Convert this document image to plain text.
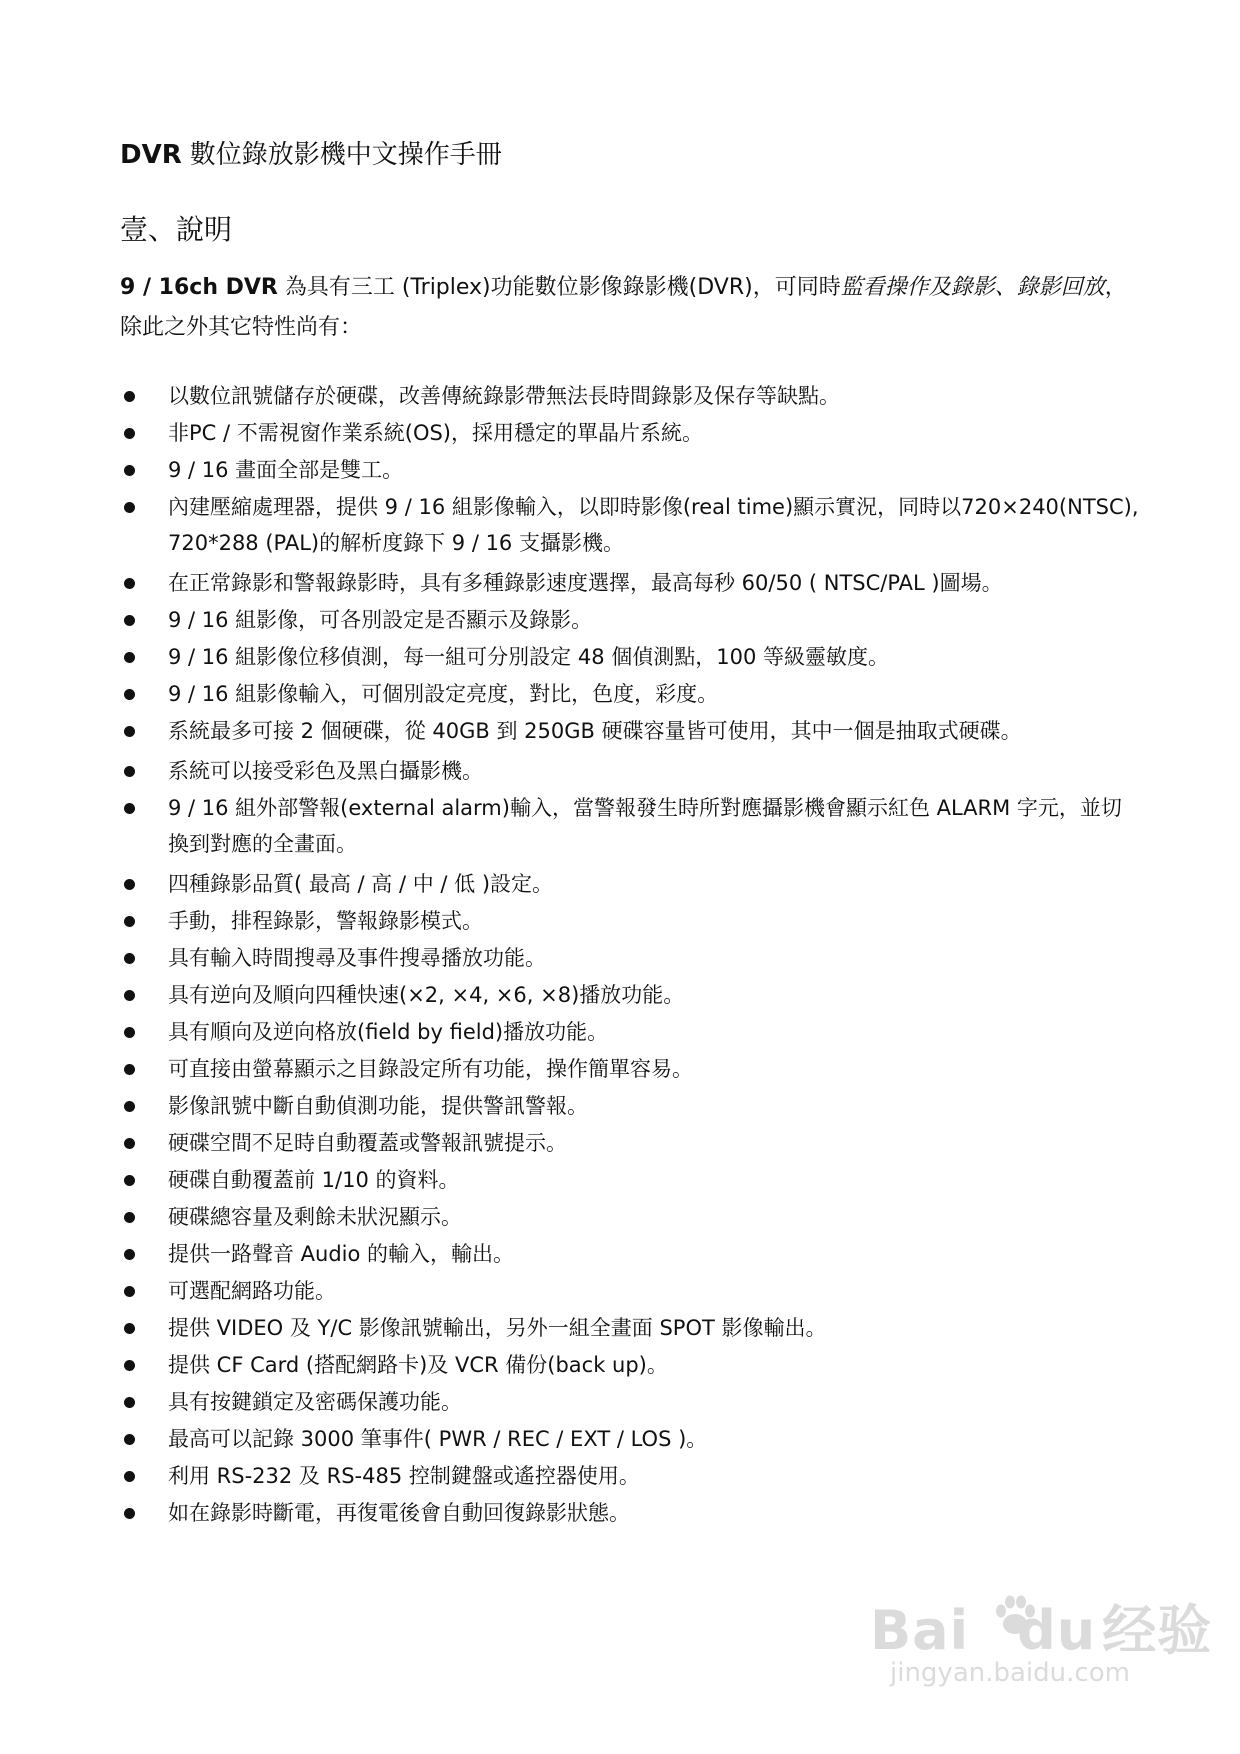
DVR 數位錄放影機中文操作手冊
壹、說明
9 / 16ch DVR 為具有三工 (Triplex)功能數位影像錄影機(DVR)，可同時監看操作及錄影、錄影回放，除此之外其它特性尚有：
以數位訊號儲存於硬碟，改善傳統錄影帶無法長時間錄影及保存等缺點。
非PC / 不需視窗作業系統(OS)，採用穩定的單晶片系統。
9 / 16 畫面全部是雙工。
內建壓縮處理器，提供 9 / 16 組影像輸入，以即時影像(real time)顯示實況，同時以720×240(NTSC), 720*288 (PAL)的解析度錄下 9 / 16 支攝影機。
在正常錄影和警報錄影時，具有多種錄影速度選擇，最高每秒 60/50 ( NTSC/PAL )圖場。
9 / 16 組影像，可各別設定是否顯示及錄影。
9 / 16 組影像位移偵測，每一組可分別設定 48 個偵測點，100 等級靈敏度。
9 / 16 組影像輸入，可個別設定亮度，對比，色度，彩度。
系統最多可接 2 個硬碟，從 40GB 到 250GB 硬碟容量皆可使用，其中一個是抽取式硬碟。
系統可以接受彩色及黑白攝影機。
9 / 16 組外部警報(external alarm)輸入，當警報發生時所對應攝影機會顯示紅色 ALARM 字元，並切換到對應的全畫面。
四種錄影品質( 最高 / 高 / 中 / 低 )設定。
手動，排程錄影，警報錄影模式。
具有輸入時間搜尋及事件搜尋播放功能。
具有逆向及順向四種快速(×2, ×4, ×6, ×8)播放功能。
具有順向及逆向格放(field by field)播放功能。
可直接由螢幕顯示之目錄設定所有功能，操作簡單容易。
影像訊號中斷自動偵測功能，提供警訊警報。
硬碟空間不足時自動覆蓋或警報訊號提示。
硬碟自動覆蓋前 1/10 的資料。
硬碟總容量及剩餘未狀況顯示。
提供一路聲音 Audio 的輸入，輸出。
可選配網路功能。
提供 VIDEO 及 Y/C 影像訊號輸出，另外一組全畫面 SPOT 影像輸出。
提供 CF Card (搭配網路卡)及 VCR 備份(back up)。
具有按鍵鎖定及密碼保護功能。
最高可以記錄 3000 筆事件( PWR / REC / EXT / LOS )。
利用 RS-232 及 RS-485 控制鍵盤或遙控器使用。
如在錄影時斷電，再復電後會自動回復錄影狀態。
Bai du 经验
jingyan.baidu.com
